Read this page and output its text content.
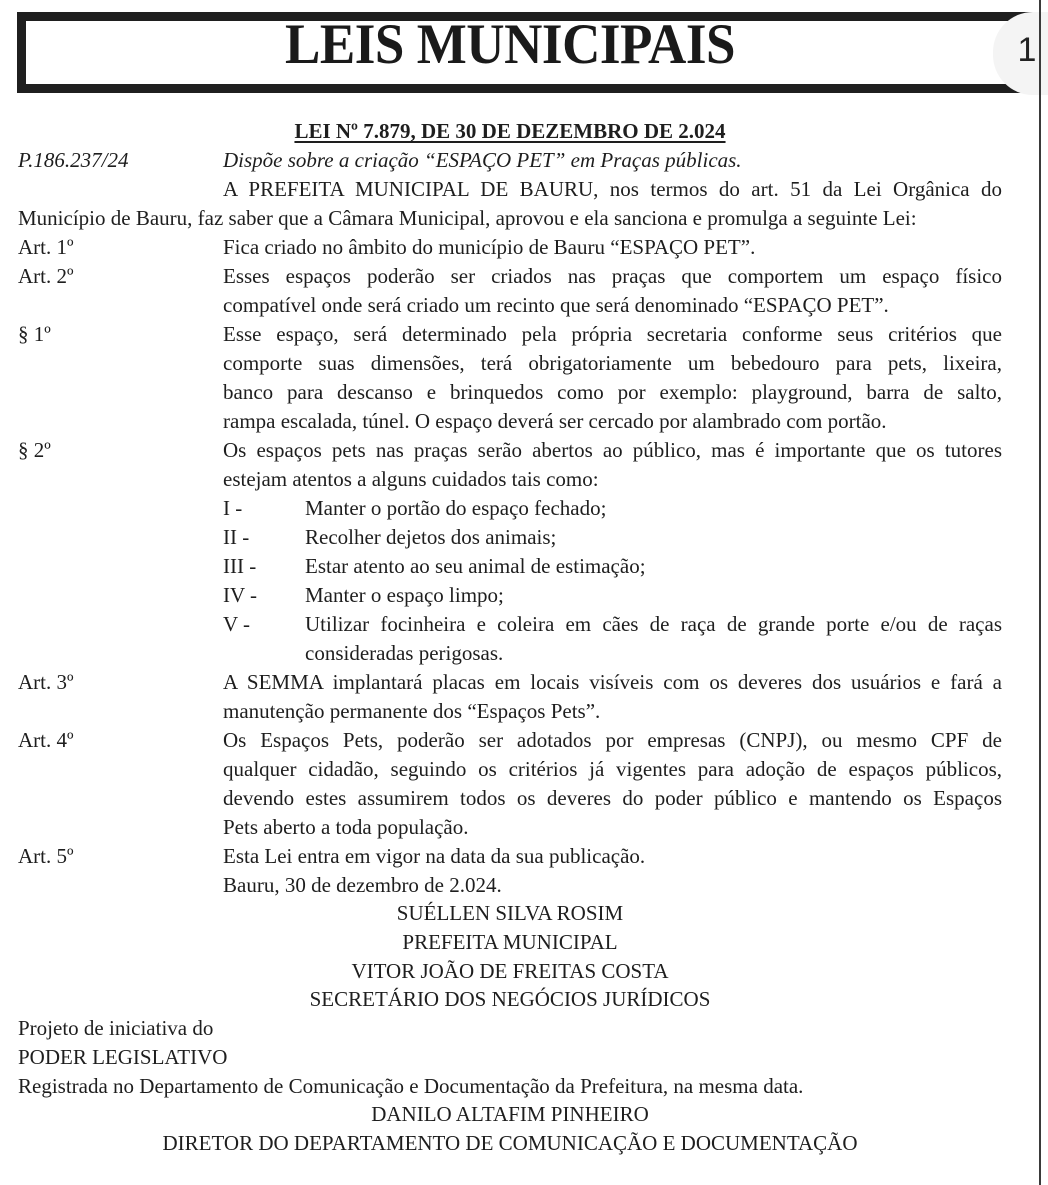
LEIS MUNICIPAIS	1
LEI Nº 7.879, DE 30 DE DEZEMBRO DE 2.024
P.186.237/24	Dispõe sobre a criação “ESPAÇO PET” em Praças públicas.
A PREFEITA MUNICIPAL DE BAURU, nos termos do art. 51 da Lei Orgânica do
Município de Bauru, faz saber que a Câmara Municipal, aprovou e ela sanciona e promulga a seguinte Lei:
Art. 1º	Fica criado no âmbito do município de Bauru “ESPAÇO PET”.
Art. 2º	Esses espaços poderão ser criados nas praças que comportem um espaço físico
compatível onde será criado um recinto que será denominado “ESPAÇO PET”.
§ 1º	Esse espaço, será determinado pela própria secretaria conforme seus critérios que
comporte suas dimensões, terá obrigatoriamente um bebedouro para pets, lixeira,
banco para descanso e brinquedos como por exemplo: playground, barra de salto,
rampa escalada, túnel. O espaço deverá ser cercado por alambrado com portão.
§ 2º	Os espaços pets nas praças serão abertos ao público, mas é importante que os tutores
estejam atentos a alguns cuidados tais como:
I -	Manter o portão do espaço fechado;
II -	Recolher dejetos dos animais;
III - Estar atento ao seu animal de estimação;
IV - Manter o espaço limpo;
V -	Utilizar focinheira e coleira em cães de raça de grande porte e/ou de raças
consideradas perigosas.
Art. 3º	A SEMMA implantará placas em locais visíveis com os deveres dos usuários e fará a
manutenção permanente dos “Espaços Pets”.
Art. 4º	Os Espaços Pets, poderão ser adotados por empresas (CNPJ), ou mesmo CPF de
qualquer cidadão, seguindo os critérios já vigentes para adoção de espaços públicos,
devendo estes assumirem todos os deveres do poder público e mantendo os Espaços
Pets aberto a toda população.
Art. 5º	Esta Lei entra em vigor na data da sua publicação.
Bauru, 30 de dezembro de 2.024.
SUÉLLEN SILVA ROSIM
PREFEITA MUNICIPAL
VITOR JOÃO DE FREITAS COSTA
SECRETÁRIO DOS NEGÓCIOS JURÍDICOS
Projeto de iniciativa do
PODER LEGISLATIVO
Registrada no Departamento de Comunicação e Documentação da Prefeitura, na mesma data.
DANILO ALTAFIM PINHEIRO
DIRETOR DO DEPARTAMENTO DE COMUNICAÇÃO E DOCUMENTAÇÃO
